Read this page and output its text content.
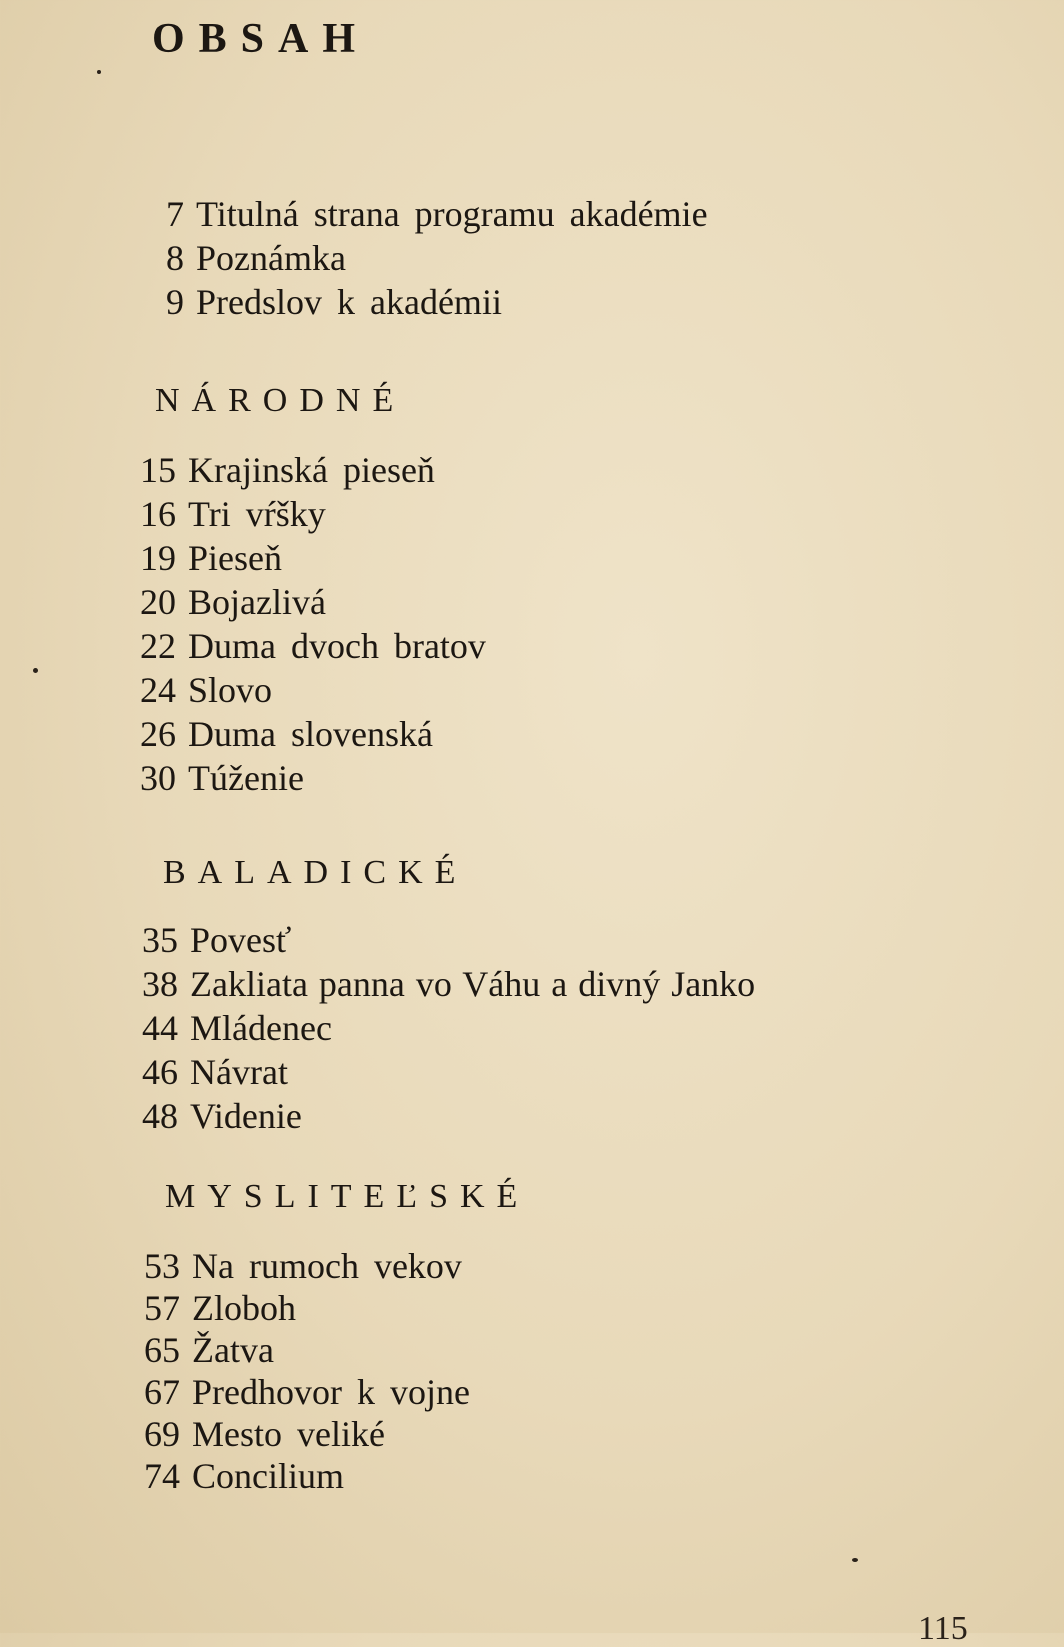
OBSAH
7 Titulná strana programu akadémie
8 Poznámka
9 Predslov k akadémii
NÁRODNÉ
15 Krajinská pieseň
16 Tri vŕšky
19 Pieseň
20 Bojazlivá
22 Duma dvoch bratov
24 Slovo
26 Duma slovenská
30 Túženie
BALADICKÉ
35 Povesť
38 Zakliata panna vo Váhu a divný Janko
44 Mládenec
46 Návrat
48 Videnie
MYSLITEĽSKÉ
53 Na rumoch vekov
57 Zloboh
65 Žatva
67 Predhovor k vojne
69 Mesto veliké
74 Concilium
115
